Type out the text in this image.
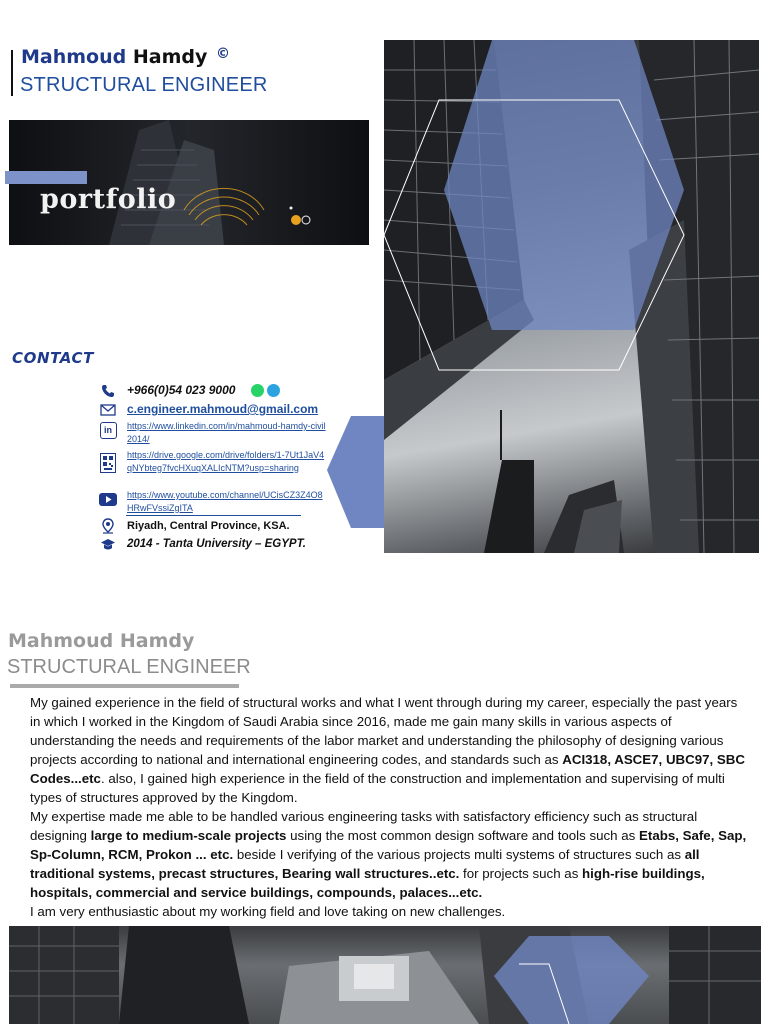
Mahmoud Hamdy ©
STRUCTURAL ENGINEER
portfolio
CONTACT
+966(0)54 023 9000
c.engineer.mahmoud@gmail.com
in	https://www.linkedin.com/in/mahmoud-hamdy-civil2014/
https://drive.google.com/drive/folders/1-7Ut1JaV4qNYbteg7fvcHXuqXALIcNTM?usp=sharing
https://www.youtube.com/channel/UCisCZ3Z4O8HRwFVssiZgITA
Riyadh, Central Province, KSA.
2014 - Tanta University – EGYPT.
Mahmoud Hamdy
STRUCTURAL ENGINEER
My gained experience in the field of structural works and what I went through during my career, especially the past years in which I worked in the Kingdom of Saudi Arabia since 2016, made me gain many skills in various aspects of understanding the needs and requirements of the labor market and understanding the philosophy of designing various projects according to national and international engineering codes, and standards such as ACI318, ASCE7, UBC97, SBC Codes...etc. also, I gained high experience in the field of the construction and implementation and supervising of multi types of structures approved by the Kingdom.
My expertise made me able to be handled various engineering tasks with satisfactory efficiency such as structural designing large to medium-scale projects using the most common design software and tools such as Etabs, Safe, Sap, Sp-Column, RCM, Prokon ... etc. beside I verifying of the various projects multi systems of structures such as all traditional systems, precast structures, Bearing wall structures..etc. for projects such as high-rise buildings, hospitals, commercial and service buildings, compounds, palaces...etc.
I am very enthusiastic about my working field and love taking on new challenges.
